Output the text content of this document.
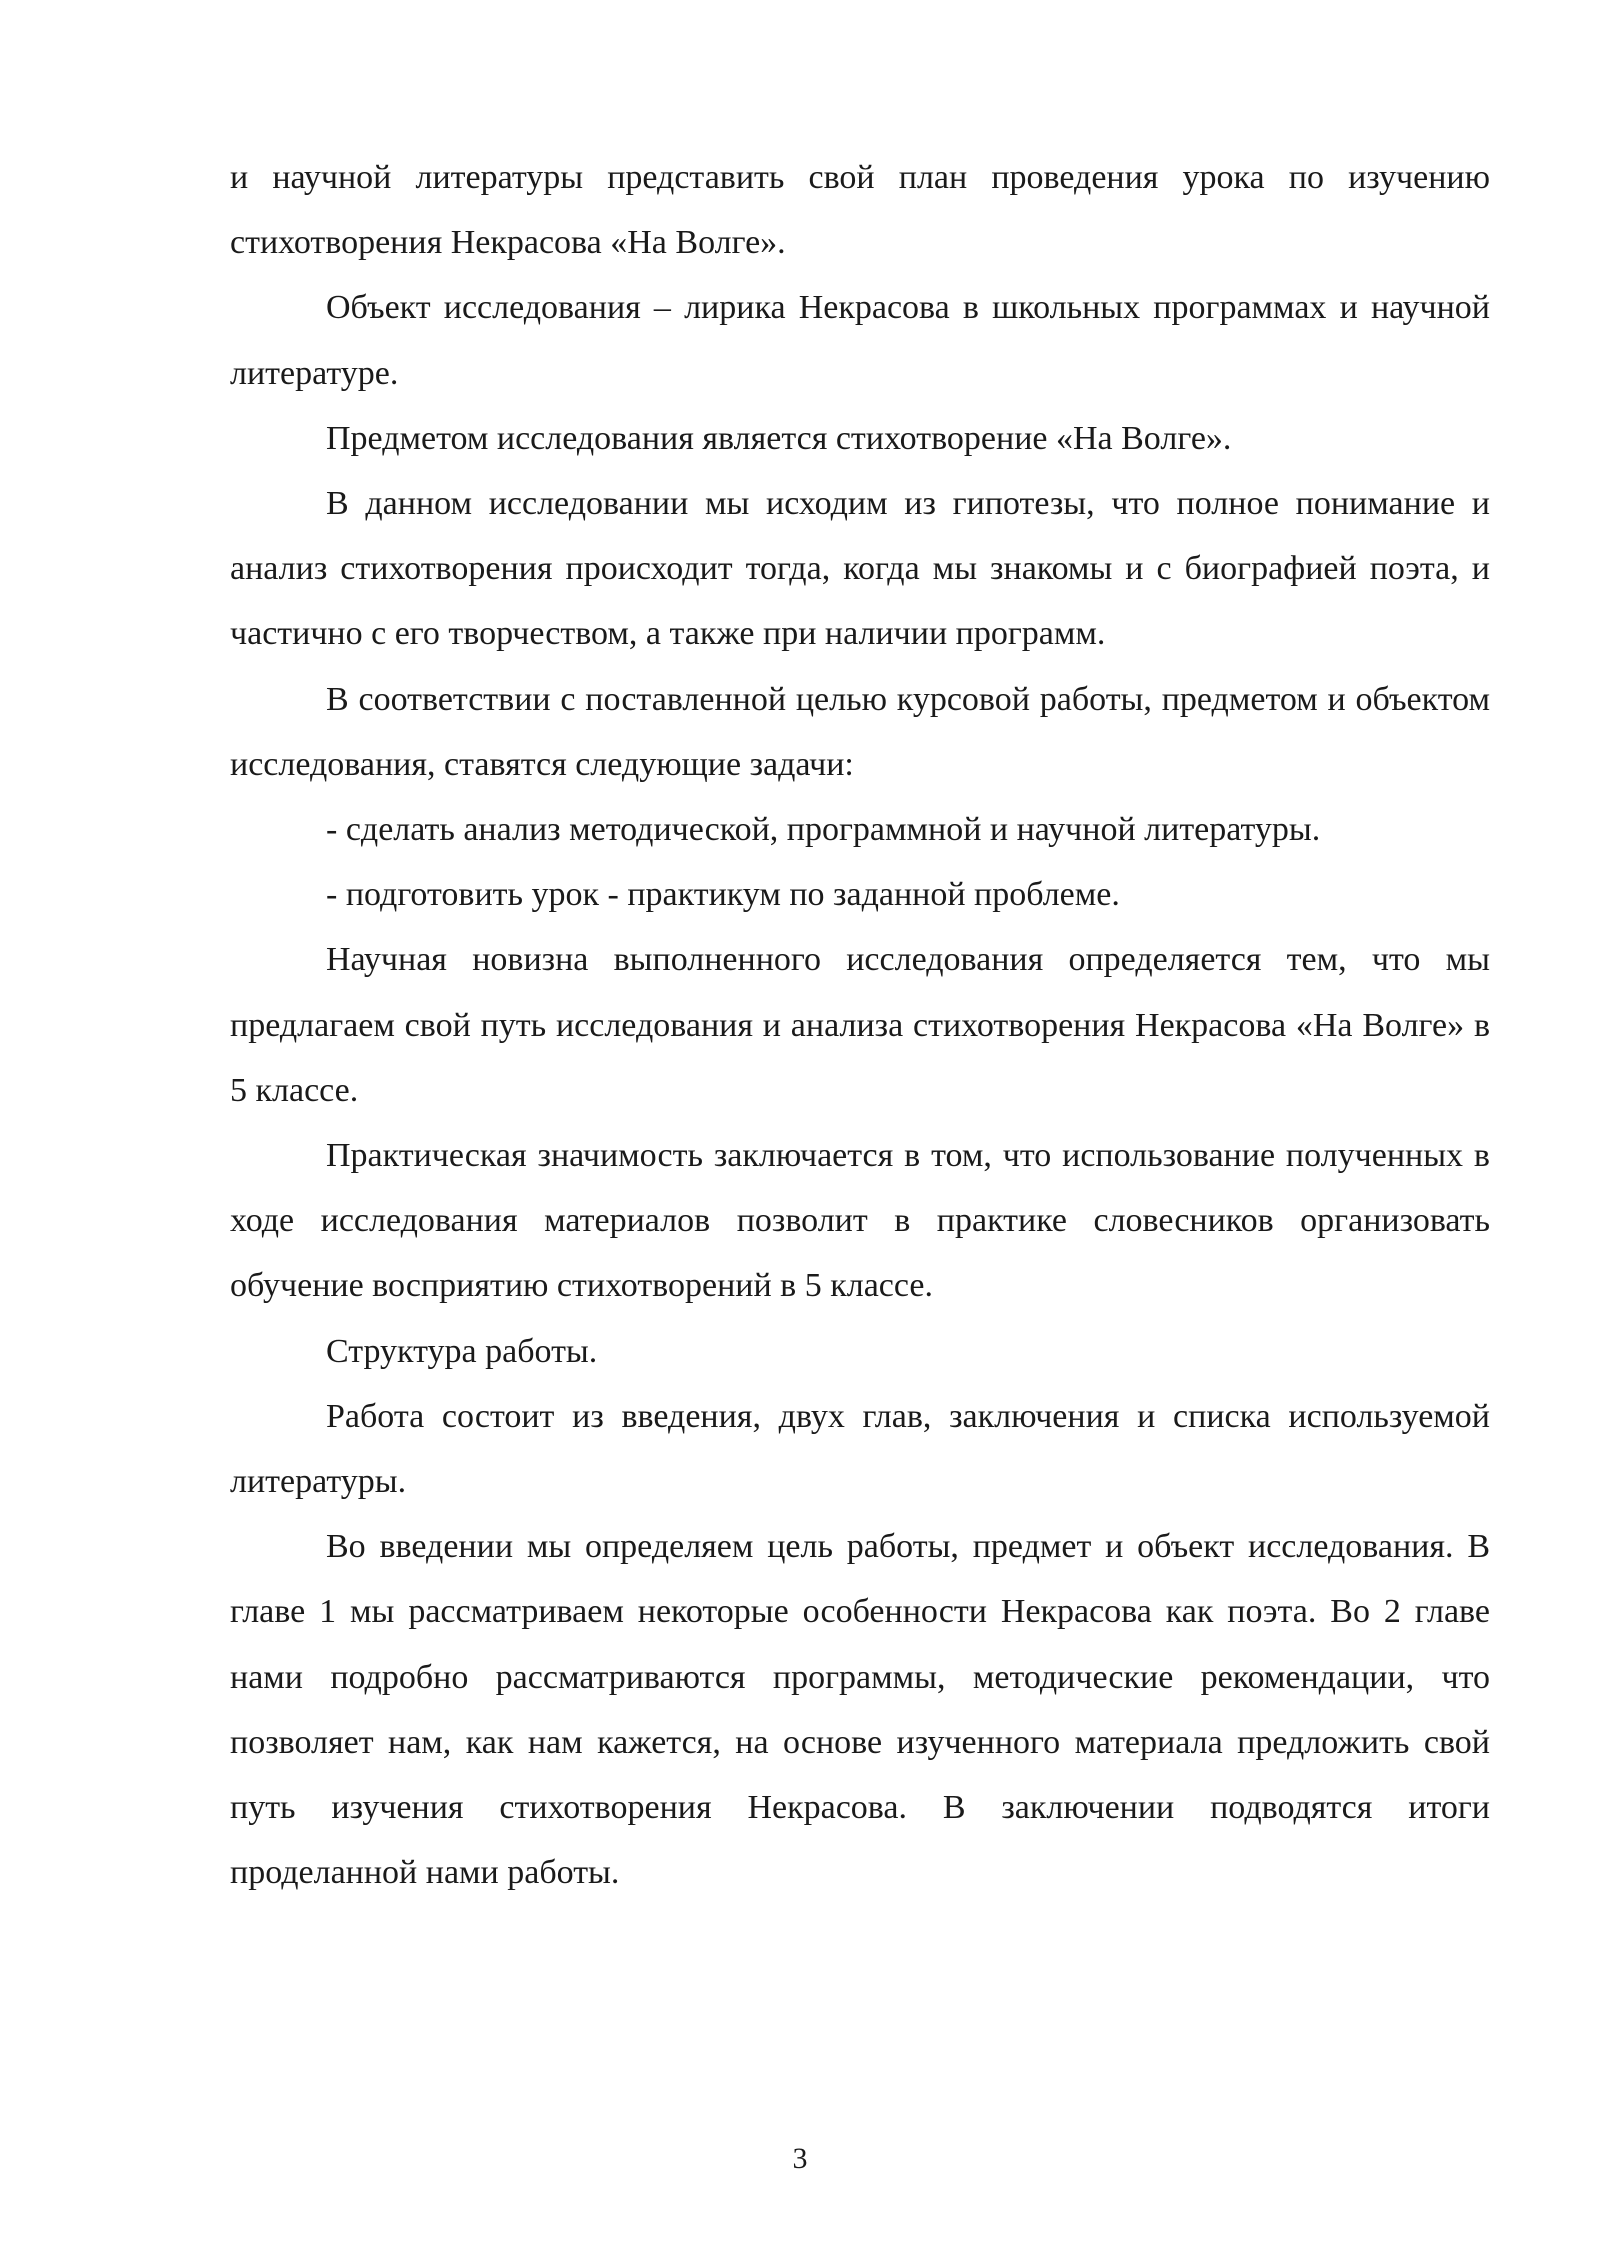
и научной литературы представить свой план проведения урока по изучению стихотворения Некрасова «На Волге».

Объект исследования – лирика Некрасова в школьных программах и научной литературе.

Предметом исследования является стихотворение «На Волге».

В данном исследовании мы исходим из гипотезы, что полное понимание и анализ стихотворения происходит тогда, когда мы знакомы и с биографией поэта, и частично с его творчеством, а также при наличии программ.

В соответствии с поставленной целью курсовой работы, предметом и объектом исследования, ставятся следующие задачи:

- сделать анализ методической, программной и научной литературы.

- подготовить урок - практикум по заданной проблеме.

Научная новизна выполненного исследования определяется тем, что мы предлагаем свой путь исследования и анализа стихотворения Некрасова «На Волге» в 5 классе.

Практическая значимость заключается в том, что использование полученных в ходе исследования материалов позволит в практике словесников организовать обучение восприятию стихотворений в 5 классе.

Структура работы.

Работа состоит из введения, двух глав, заключения и списка используемой литературы.

Во введении мы определяем цель работы, предмет и объект исследования. В главе 1 мы рассматриваем некоторые особенности Некрасова как поэта. Во 2 главе нами подробно рассматриваются программы, методические рекомендации, что позволяет нам, как нам кажется, на основе изученного материала предложить свой путь изучения стихотворения Некрасова. В заключении подводятся итоги проделанной нами работы.

3
